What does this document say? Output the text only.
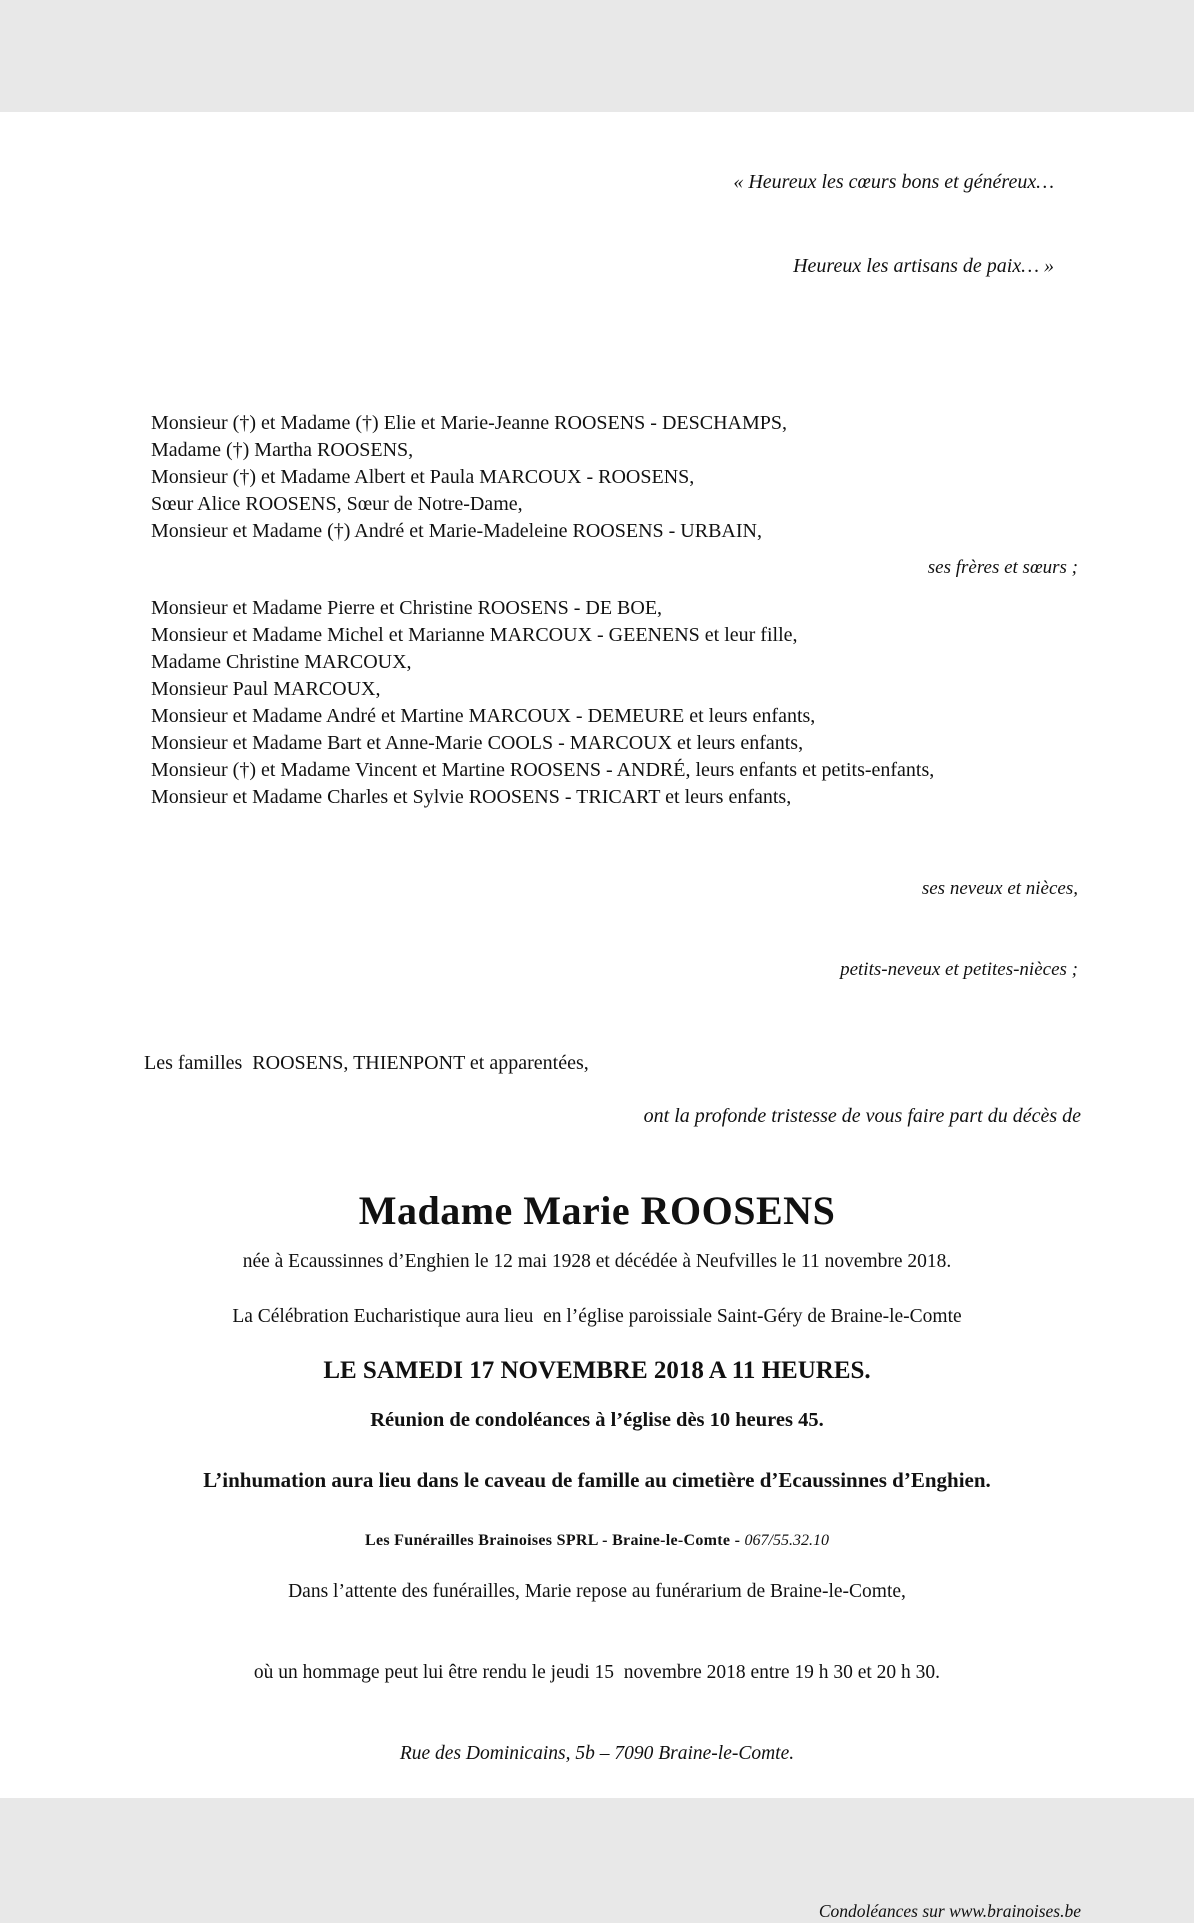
« Heureux les cœurs bons et généreux…

Heureux les artisans de paix… »

Monsieur (†) et Madame (†) Elie et Marie-Jeanne ROOSENS - DESCHAMPS,
Madame (†) Martha ROOSENS,
Monsieur (†) et Madame Albert et Paula MARCOUX - ROOSENS,
Sœur Alice ROOSENS, Sœur de Notre-Dame,
Monsieur et Madame (†) André et Marie-Madeleine ROOSENS - URBAIN,
ses frères et sœurs ;
Monsieur et Madame Pierre et Christine ROOSENS - DE BOE,
Monsieur et Madame Michel et Marianne MARCOUX - GEENENS et leur fille,
Madame Christine MARCOUX,
Monsieur Paul MARCOUX,
Monsieur et Madame André et Martine MARCOUX - DEMEURE et leurs enfants,
Monsieur et Madame Bart et Anne-Marie COOLS - MARCOUX et leurs enfants,
Monsieur (†) et Madame Vincent et Martine ROOSENS - ANDRÉ, leurs enfants et petits-enfants,
Monsieur et Madame Charles et Sylvie ROOSENS - TRICART et leurs enfants,

ses neveux et nièces,

petits-neveux et petites-nièces ;

Les familles  ROOSENS, THIENPONT et apparentées,
ont la profonde tristesse de vous faire part du décès de
Madame Marie ROOSENS
née à Ecaussinnes d’Enghien le 12 mai 1928 et décédée à Neufvilles le 11 novembre 2018.
La Célébration Eucharistique aura lieu  en l’église paroissiale Saint-Géry de Braine-le-Comte
LE SAMEDI 17 NOVEMBRE 2018 A 11 HEURES.
Réunion de condoléances à l’église dès 10 heures 45.
L’inhumation aura lieu dans le caveau de famille au cimetière d’Ecaussinnes d’Enghien.

Dans l’attente des funérailles, Marie repose au funérarium de Braine-le-Comte,

où un hommage peut lui être rendu le jeudi 15  novembre 2018 entre 19 h 30 et 20 h 30.

Rue des Dominicains, 5b – 7090 Braine-le-Comte.

Condoléances sur www.brainoises.be
Les Funérailles Brainoises SPRL - Braine-le-Comte - 067/55.32.10
